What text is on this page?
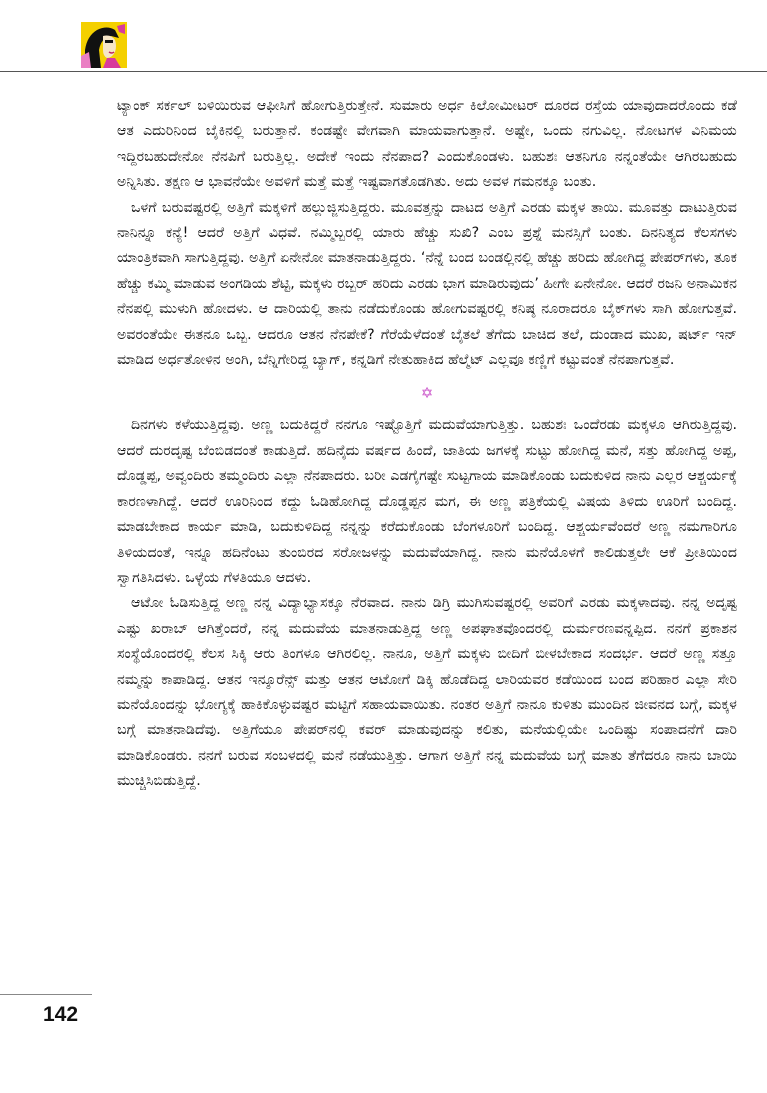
ಟ್ಯಾಂಕ್ ಸರ್ಕಲ್ ಬಳಿಯಿರುವ ಆಫೀಸಿಗೆ ಹೋಗುತ್ತಿರುತ್ತೇನೆ. ಸುಮಾರು ಅರ್ಧ ಕಿಲೋಮೀಟರ್ ದೂರದ ರಸ್ತೆಯ ಯಾವುದಾದರೊಂದು ಕಡೆ ಆತ ಎದುರಿನಿಂದ ಬೈಕಿನಲ್ಲಿ ಬರುತ್ತಾನೆ. ಕಂಡಷ್ಟೇ ವೇಗವಾಗಿ ಮಾಯವಾಗುತ್ತಾನೆ. ಅಷ್ಟೇ, ಒಂದು ನಗುವಿಲ್ಲ. ನೋಟಗಳ ವಿನಿಮಯ ಇದ್ದಿರಬಹುದೇನೋ ನೆನಪಿಗೆ ಬರುತ್ತಿಲ್ಲ. ಅದೇಕೆ ಇಂದು ನೆನಪಾದ? ಎಂದುಕೊಂಡಳು. ಬಹುಶಃ ಆತನಿಗೂ ನನ್ನಂತೆಯೇ ಆಗಿರಬಹುದು ಅನ್ನಿಸಿತು. ತಕ್ಷಣ ಆ ಭಾವನೆಯೇ ಅವಳಿಗೆ ಮತ್ತೆ ಮತ್ತೆ ಇಷ್ಟವಾಗತೊಡಗಿತು. ಅದು ಅವಳ ಗಮನಕ್ಕೂ ಬಂತು.

ಒಳಗೆ ಬರುವಷ್ಟರಲ್ಲಿ ಅತ್ತಿಗೆ ಮಕ್ಕಳಿಗೆ ಹಲ್ಲುಜ್ಜಿಸುತ್ತಿದ್ದರು. ಮೂವತ್ತನ್ನು ದಾಟದ ಅತ್ತಿಗೆ ಎರಡು ಮಕ್ಕಳ ತಾಯಿ. ಮೂವತ್ತು ದಾಟುತ್ತಿರುವ ನಾನಿನ್ನೂ ಕನ್ಯೆ! ಆದರೆ ಅತ್ತಿಗೆ ವಿಧವೆ. ನಮ್ಮಿಬ್ಬರಲ್ಲಿ ಯಾರು ಹೆಚ್ಚು ಸುಖಿ? ಎಂಬ ಪ್ರಶ್ನೆ ಮನಸ್ಸಿಗೆ ಬಂತು. ದಿನನಿತ್ಯದ ಕೆಲಸಗಳು ಯಾಂತ್ರಿಕವಾಗಿ ಸಾಗುತ್ತಿದ್ದವು. ಅತ್ತಿಗೆ ಏನೇನೋ ಮಾತನಾಡುತ್ತಿದ್ದರು. ‘ನೆನ್ನೆ ಬಂದ ಬಂಡಲ್ಲಿನಲ್ಲಿ ಹೆಚ್ಚು ಹರಿದು ಹೋಗಿದ್ದ ಪೇಪರ್‌ಗಳು, ತೂಕ ಹೆಚ್ಚು ಕಮ್ಮಿ ಮಾಡುವ ಅಂಗಡಿಯ ಶೆಟ್ಟಿ, ಮಕ್ಕಳು ರಬ್ಬರ್ ಹರಿದು ಎರಡು ಭಾಗ ಮಾಡಿರುವುದು’ ಹೀಗೇ ಏನೇನೋ. ಆದರೆ ರಜನಿ ಅನಾಮಿಕನ ನೆನಪಲ್ಲಿ ಮುಳುಗಿ ಹೋದಳು. ಆ ದಾರಿಯಲ್ಲಿ ತಾನು ನಡೆದುಕೊಂಡು ಹೋಗುವಷ್ಟರಲ್ಲಿ ಕನಿಷ್ಠ ನೂರಾದರೂ ಬೈಕ್‌ಗಳು ಸಾಗಿ ಹೋಗುತ್ತವೆ. ಅವರಂತೆಯೇ ಈತನೂ ಒಬ್ಬ. ಆದರೂ ಆತನ ನೆನಪೇಕೆ? ಗೆರೆಯೆಳೆದಂತೆ ಬೈತಲೆ ತೆಗೆದು ಬಾಚಿದ ತಲೆ, ದುಂಡಾದ ಮುಖ, ಷರ್ಟ್ ಇನ್ ಮಾಡಿದ ಅರ್ಧತೋಳಿನ ಅಂಗಿ, ಬೆನ್ನಿಗೇರಿದ್ದ ಬ್ಯಾಗ್, ಕನ್ನಡಿಗೆ ನೇತುಹಾಕಿದ ಹೆಲ್ಮೆಟ್ ಎಲ್ಲವೂ ಕಣ್ಣಿಗೆ ಕಟ್ಟುವಂತೆ ನೆನಪಾಗುತ್ತವೆ.

✡

ದಿನಗಳು ಕಳೆಯುತ್ತಿದ್ದವು. ಅಣ್ಣ ಬದುಕಿದ್ದರೆ ನನಗೂ ಇಷ್ಟೊತ್ತಿಗೆ ಮದುವೆಯಾಗುತ್ತಿತ್ತು. ಬಹುಶಃ ಒಂದೆರಡು ಮಕ್ಕಳೂ ಆಗಿರುತ್ತಿದ್ದವು. ಆದರೆ ದುರದೃಷ್ಟ ಬೆಂಬಿಡದಂತೆ ಕಾಡುತ್ತಿದೆ. ಹದಿನೈದು ವರ್ಷದ ಹಿಂದೆ, ಜಾತಿಯ ಜಗಳಕ್ಕೆ ಸುಟ್ಟು ಹೋಗಿದ್ದ ಮನೆ, ಸತ್ತು ಹೋಗಿದ್ದ ಅಪ್ಪ, ದೊಡ್ಡಪ್ಪ, ಅವ್ವಂದಿರು ತಮ್ಮಂದಿರು ಎಲ್ಲಾ ನೆನಪಾದರು. ಬರೀ ಎಡಗೈಗಷ್ಟೇ ಸುಟ್ಟಗಾಯ ಮಾಡಿಕೊಂಡು ಬದುಕುಳಿದ ನಾನು ಎಲ್ಲರ ಆಶ್ಚರ್ಯಕ್ಕೆ ಕಾರಣಳಾಗಿದ್ದೆ. ಆದರೆ ಊರಿನಿಂದ ಕದ್ದು ಓಡಿಹೋಗಿದ್ದ ದೊಡ್ಡಪ್ಪನ ಮಗ, ಈ ಅಣ್ಣ ಪತ್ರಿಕೆಯಲ್ಲಿ ವಿಷಯ ತಿಳಿದು ಊರಿಗೆ ಬಂದಿದ್ದ. ಮಾಡಬೇಕಾದ ಕಾರ್ಯ ಮಾಡಿ, ಬದುಕುಳಿದಿದ್ದ ನನ್ನನ್ನು ಕರೆದುಕೊಂಡು ಬೆಂಗಳೂರಿಗೆ ಬಂದಿದ್ದ. ಆಶ್ಚರ್ಯವೆಂದರೆ ಅಣ್ಣ ನಮಗಾರಿಗೂ ತಿಳಿಯದಂತೆ, ಇನ್ನೂ ಹದಿನೆಂಟು ತುಂಬಿರದ ಸರೋಜಳನ್ನು ಮದುವೆಯಾಗಿದ್ದ. ನಾನು ಮನೆಯೊಳಗೆ ಕಾಲಿಡುತ್ತಲೇ ಆಕೆ ಪ್ರೀತಿಯಿಂದ ಸ್ವಾಗತಿಸಿದಳು. ಒಳ್ಳೆಯ ಗೆಳತಿಯೂ ಆದಳು.

ಆಟೋ ಓಡಿಸುತ್ತಿದ್ದ ಅಣ್ಣ ನನ್ನ ವಿದ್ಯಾಭ್ಯಾಸಕ್ಕೂ ನೆರವಾದ. ನಾನು ಡಿಗ್ರಿ ಮುಗಿಸುವಷ್ಟರಲ್ಲಿ ಅವರಿಗೆ ಎರಡು ಮಕ್ಕಳಾದವು. ನನ್ನ ಅದೃಷ್ಟ ಎಷ್ಟು ಖರಾಬ್ ಆಗಿತ್ತೆಂದರೆ, ನನ್ನ ಮದುವೆಯ ಮಾತನಾಡುತ್ತಿದ್ದ ಅಣ್ಣ ಅಪಘಾತವೊಂದರಲ್ಲಿ ದುರ್ಮರಣವನ್ನಪ್ಪಿದ. ನನಗೆ ಪ್ರಕಾಶನ ಸಂಸ್ಥೆಯೊಂದರಲ್ಲಿ ಕೆಲಸ ಸಿಕ್ಕಿ ಆರು ತಿಂಗಳೂ ಆಗಿರಲಿಲ್ಲ. ನಾನೂ, ಅತ್ತಿಗೆ ಮಕ್ಕಳು ಬೀದಿಗೆ ಬೀಳಬೇಕಾದ ಸಂದರ್ಭ. ಆದರೆ ಅಣ್ಣ ಸತ್ತೂ ನಮ್ಮನ್ನು ಕಾಪಾಡಿದ್ದ. ಆತನ ಇನ್ಶೂರೆನ್ಸ್ ಮತ್ತು ಆತನ ಆಟೋಗೆ ಡಿಕ್ಕಿ ಹೊಡೆದಿದ್ದ ಲಾರಿಯವರ ಕಡೆಯಿಂದ ಬಂದ ಪರಿಹಾರ ಎಲ್ಲಾ ಸೇರಿ ಮನೆಯೊಂದನ್ನು ಭೋಗ್ಯಕ್ಕೆ ಹಾಕಿಕೊಳ್ಳುವಷ್ಟರ ಮಟ್ಟಿಗೆ ಸಹಾಯವಾಯಿತು. ನಂತರ ಅತ್ತಿಗೆ ನಾನೂ ಕುಳಿತು ಮುಂದಿನ ಜೀವನದ ಬಗ್ಗೆ, ಮಕ್ಕಳ ಬಗ್ಗೆ ಮಾತನಾಡಿದೆವು. ಅತ್ತಿಗೆಯೂ ಪೇಪರ್‌ನಲ್ಲಿ ಕವರ್ ಮಾಡುವುದನ್ನು ಕಲಿತು, ಮನೆಯಲ್ಲಿಯೇ ಒಂದಿಷ್ಟು ಸಂಪಾದನೆಗೆ ದಾರಿ ಮಾಡಿಕೊಂಡರು. ನನಗೆ ಬರುವ ಸಂಬಳದಲ್ಲಿ ಮನೆ ನಡೆಯುತ್ತಿತ್ತು. ಆಗಾಗ ಅತ್ತಿಗೆ ನನ್ನ ಮದುವೆಯ ಬಗ್ಗೆ ಮಾತು ತೆಗೆದರೂ ನಾನು ಬಾಯಿ ಮುಚ್ಚಿಸಿಬಿಡುತ್ತಿದ್ದೆ.

142
